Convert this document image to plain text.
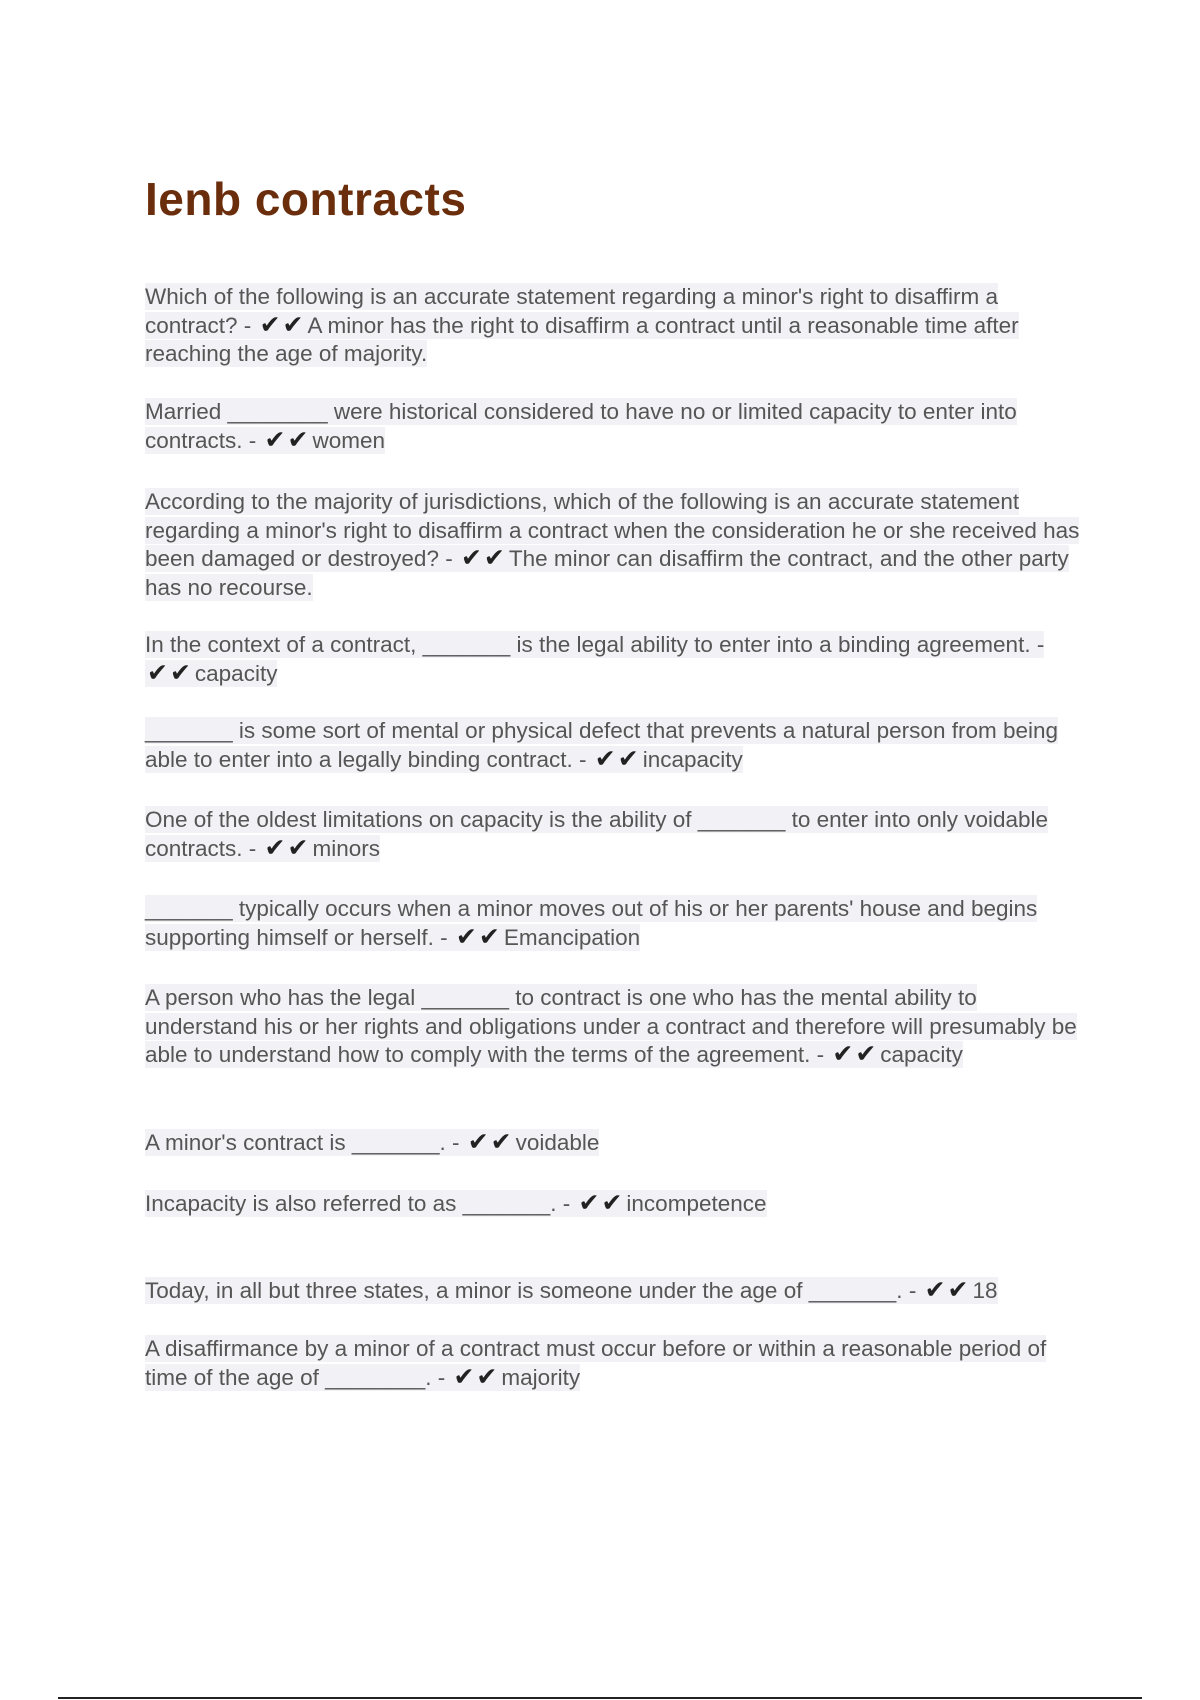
Ienb contracts

Which of the following is an accurate statement regarding a minor's right to disaffirm a contract? - ✔✔A minor has the right to disaffirm a contract until a reasonable time after reaching the age of majority.

Married ________ were historical considered to have no or limited capacity to enter into contracts. - ✔✔women

According to the majority of jurisdictions, which of the following is an accurate statement regarding a minor's right to disaffirm a contract when the consideration he or she received has been damaged or destroyed? - ✔✔The minor can disaffirm the contract, and the other party has no recourse.

In the context of a contract, _______ is the legal ability to enter into a binding agreement. - ✔✔capacity

_______ is some sort of mental or physical defect that prevents a natural person from being able to enter into a legally binding contract. - ✔✔incapacity

One of the oldest limitations on capacity is the ability of _______ to enter into only voidable contracts. - ✔✔minors

_______ typically occurs when a minor moves out of his or her parents' house and begins supporting himself or herself. - ✔✔Emancipation

A person who has the legal _______ to contract is one who has the mental ability to understand his or her rights and obligations under a contract and therefore will presumably be able to understand how to comply with the terms of the agreement. - ✔✔capacity

A minor's contract is _______. - ✔✔voidable

Incapacity is also referred to as _______. - ✔✔incompetence

Today, in all but three states, a minor is someone under the age of _______. - ✔✔18

A disaffirmance by a minor of a contract must occur before or within a reasonable period of time of the age of ________. - ✔✔majority
